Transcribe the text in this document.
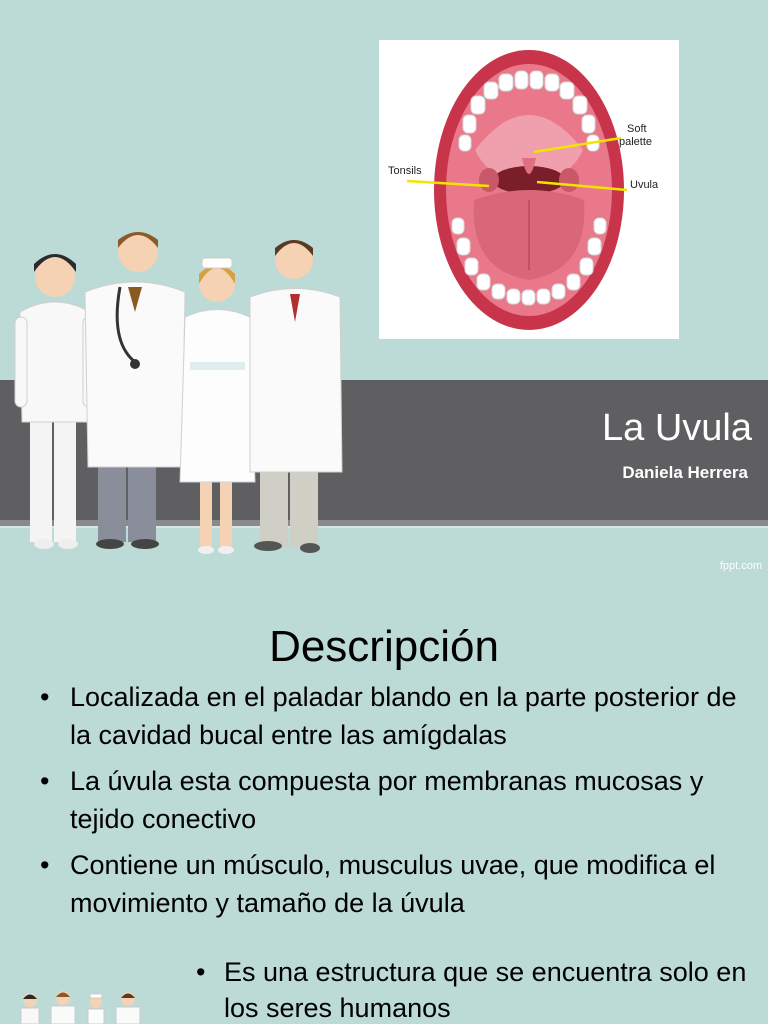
Soft
palette
Tonsils
Uvula
La Uvula
Daniela Herrera
fppt.com
Descripción
• Localizada en el paladar blando en la parte posterior de la cavidad bucal entre las amígdalas
• La úvula esta compuesta por membranas mucosas y tejido conectivo
• Contiene un músculo, musculus uvae, que modifica el movimiento y tamaño de la úvula
• Es una estructura que se encuentra solo en los seres humanos
